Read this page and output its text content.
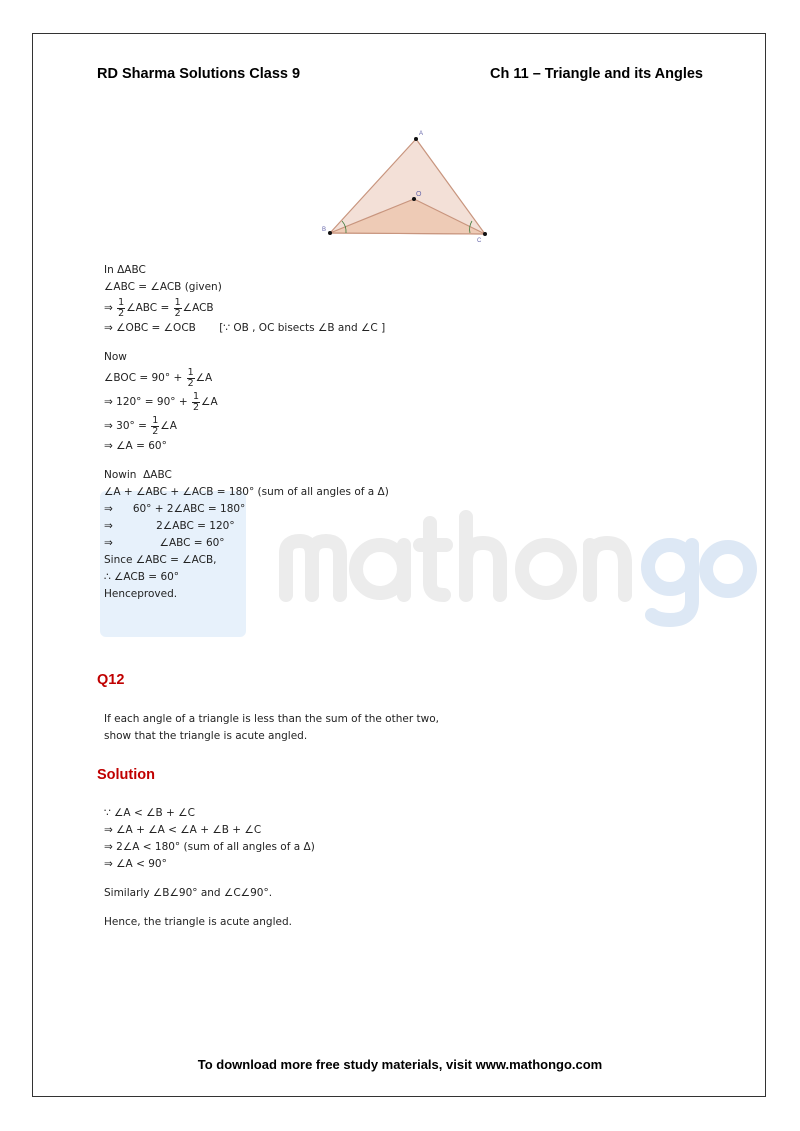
RD Sharma Solutions Class 9	Ch 11 – Triangle and its Angles
A
O
B
C
In ΔABC
∠ABC = ∠ACB (given)
⇒ $\frac{1}{2}$ ∠ABC = $\frac{1}{2}$ ∠ACB
⇒ ∠OBC = ∠OCB       [∵ OB , OC bisects ∠B and ∠C ]
Now
∠BOC = $90^\circ + \frac{1}{2}$ ∠A
⇒ $120^\circ = 90^\circ + \frac{1}{2}$ ∠A
⇒ $30^\circ = \frac{1}{2}$ ∠A
⇒ ∠A = 60°
Nowin  ΔABC
∠A + ∠ABC + ∠ACB = 180° (sum of all angles of a Δ)
⇒      60° + 2∠ABC = 180°
⇒             2∠ABC = 120°
⇒              ∠ABC = 60°
Since ∠ABC = ∠ACB,
∴ ∠ACB = 60°
Henceproved.
Q12
If each angle of a triangle is less than the sum of the other two,
show that the triangle is acute angled.
Solution
∵ ∠A < ∠B + ∠C
⇒ ∠A + ∠A < ∠A + ∠B + ∠C
⇒ 2∠A < 180° (sum of all angles of a Δ)
⇒ ∠A < 90°
Similarly ∠B∠90° and ∠C∠90°.
Hence, the triangle is acute angled.
To download more free study materials, visit www.mathongo.com
